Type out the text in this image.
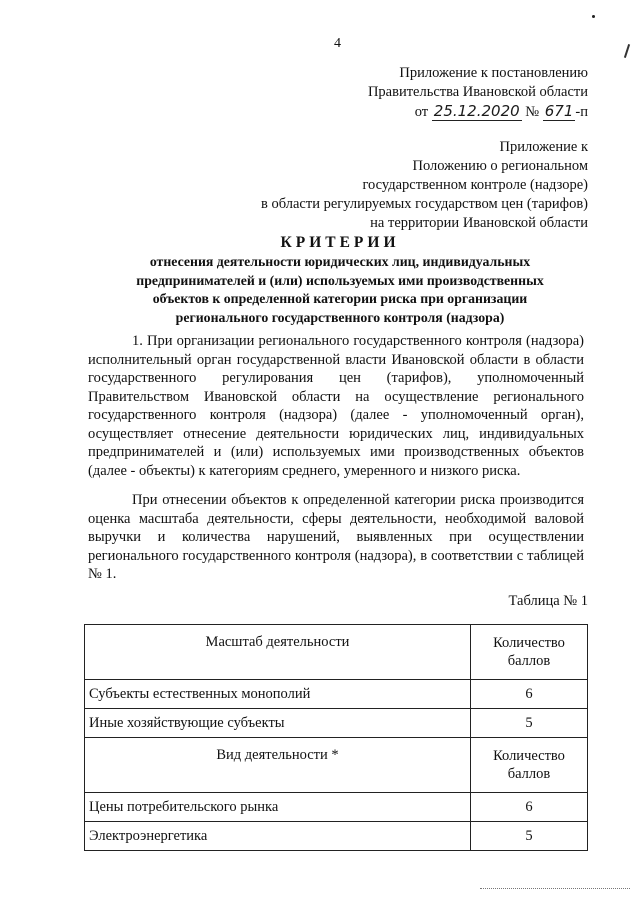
4
Приложение к постановлению
Правительства Ивановской области
от 25.12.2020 № 671 -п
Приложение к
Положению о региональном
государственном контроле (надзоре)
в области регулируемых государством цен (тарифов)
на территории Ивановской области
КРИТЕРИИ
отнесения деятельности юридических лиц, индивидуальных
предпринимателей и (или) используемых ими производственных
объектов к определенной категории риска при организации
регионального государственного контроля (надзора)

1. При организации регионального государственного контроля (надзора) исполнительный орган государственной власти Ивановской области в области государственного регулирования цен (тарифов), уполномоченный Правительством Ивановской области на осуществление регионального государственного контроля (надзора) (далее - уполномоченный орган), осуществляет отнесение деятельности юридических лиц, индивидуальных предпринимателей и (или) используемых ими производственных объектов (далее - объекты) к категориям среднего, умеренного и низкого риска.

При отнесении объектов к определенной категории риска производится оценка масштаба деятельности, сферы деятельности, необходимой валовой выручки и количества нарушений, выявленных при осуществлении регионального государственного контроля (надзора), в соответствии с таблицей № 1.

Таблица № 1
Масштаб деятельности	Количество
баллов

Субъекты естественных монополий	6
Иные хозяйствующие субъекты	5
Вид деятельности *	Количество
баллов

Цены потребительского рынка	6
Электроэнергетика	5
